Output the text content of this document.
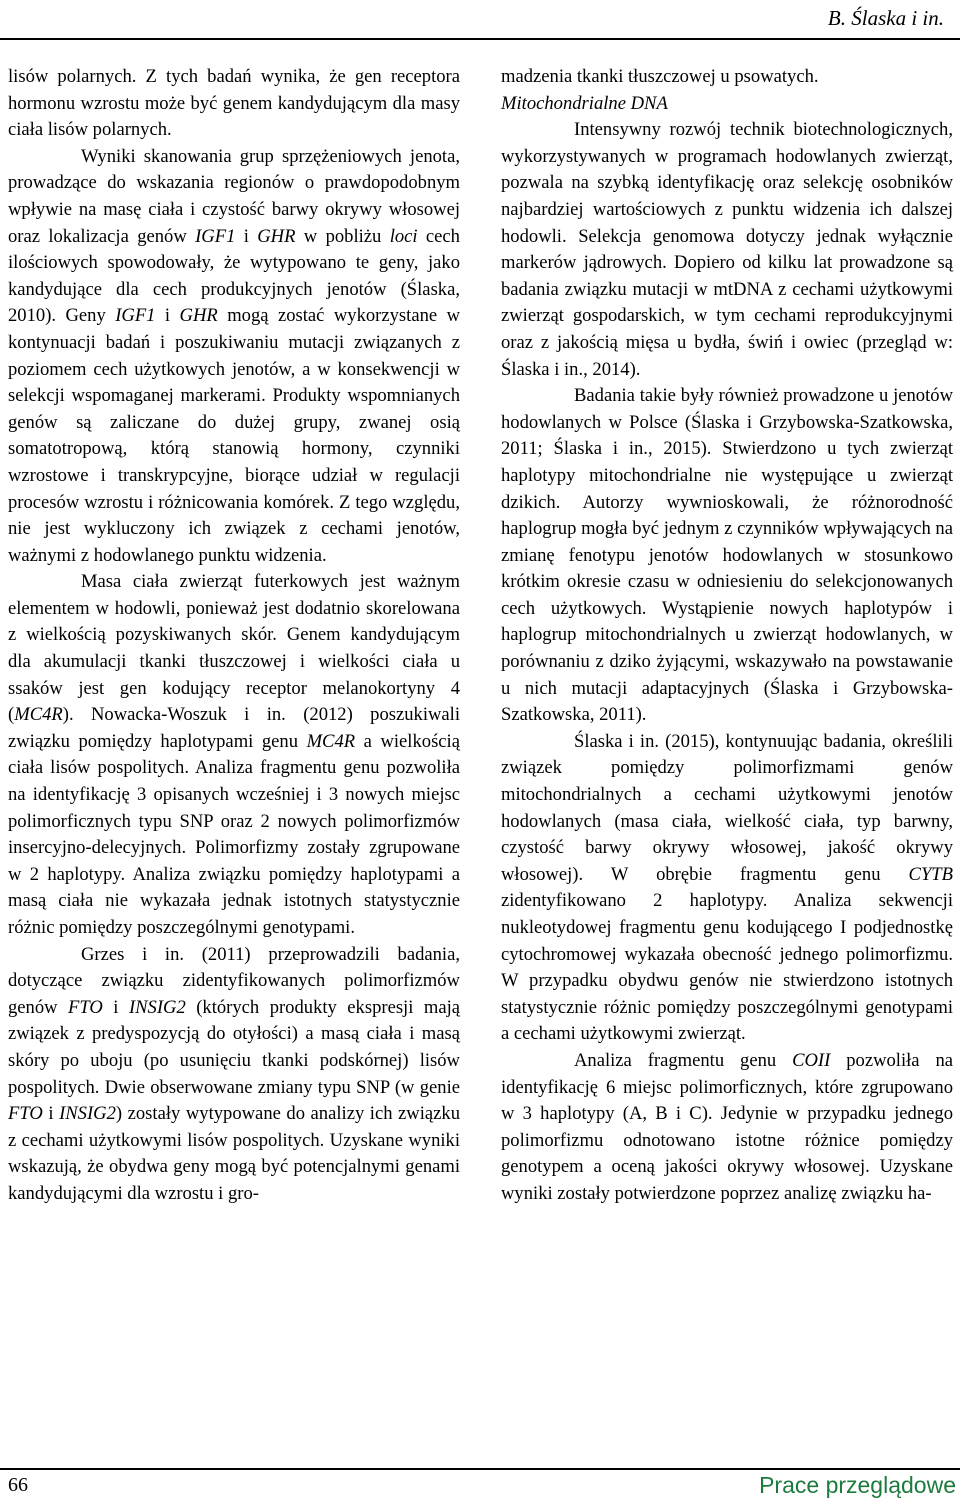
B. Ślaska i in.

lisów polarnych. Z tych badań wynika, że gen receptora hormonu wzrostu może być genem kandydującym dla masy ciała lisów polarnych.

Wyniki skanowania grup sprzężeniowych jenota, prowadzące do wskazania regionów o prawdopodobnym wpływie na masę ciała i czystość barwy okrywy włosowej oraz lokalizacja genów IGF1 i GHR w pobliżu loci cech ilościowych spowodowały, że wytypowano te geny, jako kandydujące dla cech produkcyjnych jenotów (Ślaska, 2010). Geny IGF1 i GHR mogą zostać wykorzystane w kontynuacji badań i poszukiwaniu mutacji związanych z poziomem cech użytkowych jenotów, a w konsekwencji w selekcji wspomaganej markerami. Produkty wspomnianych genów są zaliczane do dużej grupy, zwanej osią somatotropową, którą stanowią hormony, czynniki wzrostowe i transkrypcyjne, biorące udział w regulacji procesów wzrostu i różnicowania komórek. Z tego względu, nie jest wykluczony ich związek z cechami jenotów, ważnymi z hodowlanego punktu widzenia.

Masa ciała zwierząt futerkowych jest ważnym elementem w hodowli, ponieważ jest dodatnio skorelowana z wielkością pozyskiwanych skór. Genem kandydującym dla akumulacji tkanki tłuszczowej i wielkości ciała u ssaków jest gen kodujący receptor melanokortyny 4 (MC4R). Nowacka-Woszuk i in. (2012) poszukiwali związku pomiędzy haplotypami genu MC4R a wielkością ciała lisów pospolitych. Analiza fragmentu genu pozwoliła na identyfikację 3 opisanych wcześniej i 3 nowych miejsc polimorficznych typu SNP oraz 2 nowych polimorfizmów insercyjno-delecyjnych. Polimorfizmy zostały zgrupowane w 2 haplotypy. Analiza związku pomiędzy haplotypami a masą ciała nie wykazała jednak istotnych statystycznie różnic pomiędzy poszczególnymi genotypami.

Grzes i in. (2011) przeprowadzili badania, dotyczące związku zidentyfikowanych polimorfizmów genów FTO i INSIG2 (których produkty ekspresji mają związek z predyspozycją do otyłości) a masą ciała i masą skóry po uboju (po usunięciu tkanki podskórnej) lisów pospolitych. Dwie obserwowane zmiany typu SNP (w genie FTO i INSIG2) zostały wytypowane do analizy ich związku z cechami użytkowymi lisów pospolitych. Uzyskane wyniki wskazują, że obydwa geny mogą być potencjalnymi genami kandydującymi dla wzrostu i gro-

madzenia tkanki tłuszczowej u psowatych.

Mitochondrialne DNA

Intensywny rozwój technik biotechnologicznych, wykorzystywanych w programach hodowlanych zwierząt, pozwala na szybką identyfikację oraz selekcję osobników najbardziej wartościowych z punktu widzenia ich dalszej hodowli. Selekcja genomowa dotyczy jednak wyłącznie markerów jądrowych. Dopiero od kilku lat prowadzone są badania związku mutacji w mtDNA z cechami użytkowymi zwierząt gospodarskich, w tym cechami reprodukcyjnymi oraz z jakością mięsa u bydła, świń i owiec (przegląd w: Ślaska i in., 2014).

Badania takie były również prowadzone u jenotów hodowlanych w Polsce (Ślaska i Grzybowska-Szatkowska, 2011; Ślaska i in., 2015). Stwierdzono u tych zwierząt haplotypy mitochondrialne nie występujące u zwierząt dzikich. Autorzy wywnioskowali, że różnorodność haplogrup mogła być jednym z czynników wpływających na zmianę fenotypu jenotów hodowlanych w stosunkowo krótkim okresie czasu w odniesieniu do selekcjonowanych cech użytkowych. Wystąpienie nowych haplotypów i haplogrup mitochondrialnych u zwierząt hodowlanych, w porównaniu z dziko żyjącymi, wskazywało na powstawanie u nich mutacji adaptacyjnych (Ślaska i Grzybowska-Szatkowska, 2011).

Ślaska i in. (2015), kontynuując badania, określili związek pomiędzy polimorfizmami genów mitochondrialnych a cechami użytkowymi jenotów hodowlanych (masa ciała, wielkość ciała, typ barwny, czystość barwy okrywy włosowej, jakość okrywy włosowej). W obrębie fragmentu genu CYTB zidentyfikowano 2 haplotypy. Analiza sekwencji nukleotydowej fragmentu genu kodującego I podjednostkę cytochromowej wykazała obecność jednego polimorfizmu. W przypadku obydwu genów nie stwierdzono istotnych statystycznie różnic pomiędzy poszczególnymi genotypami a cechami użytkowymi zwierząt.

Analiza fragmentu genu COII pozwoliła na identyfikację 6 miejsc polimorficznych, które zgrupowano w 3 haplotypy (A, B i C). Jedynie w przypadku jednego polimorfizmu odnotowano istotne różnice pomiędzy genotypem a oceną jakości okrywy włosowej. Uzyskane wyniki zostały potwierdzone poprzez analizę związku ha-

66	Prace przeglądowe
